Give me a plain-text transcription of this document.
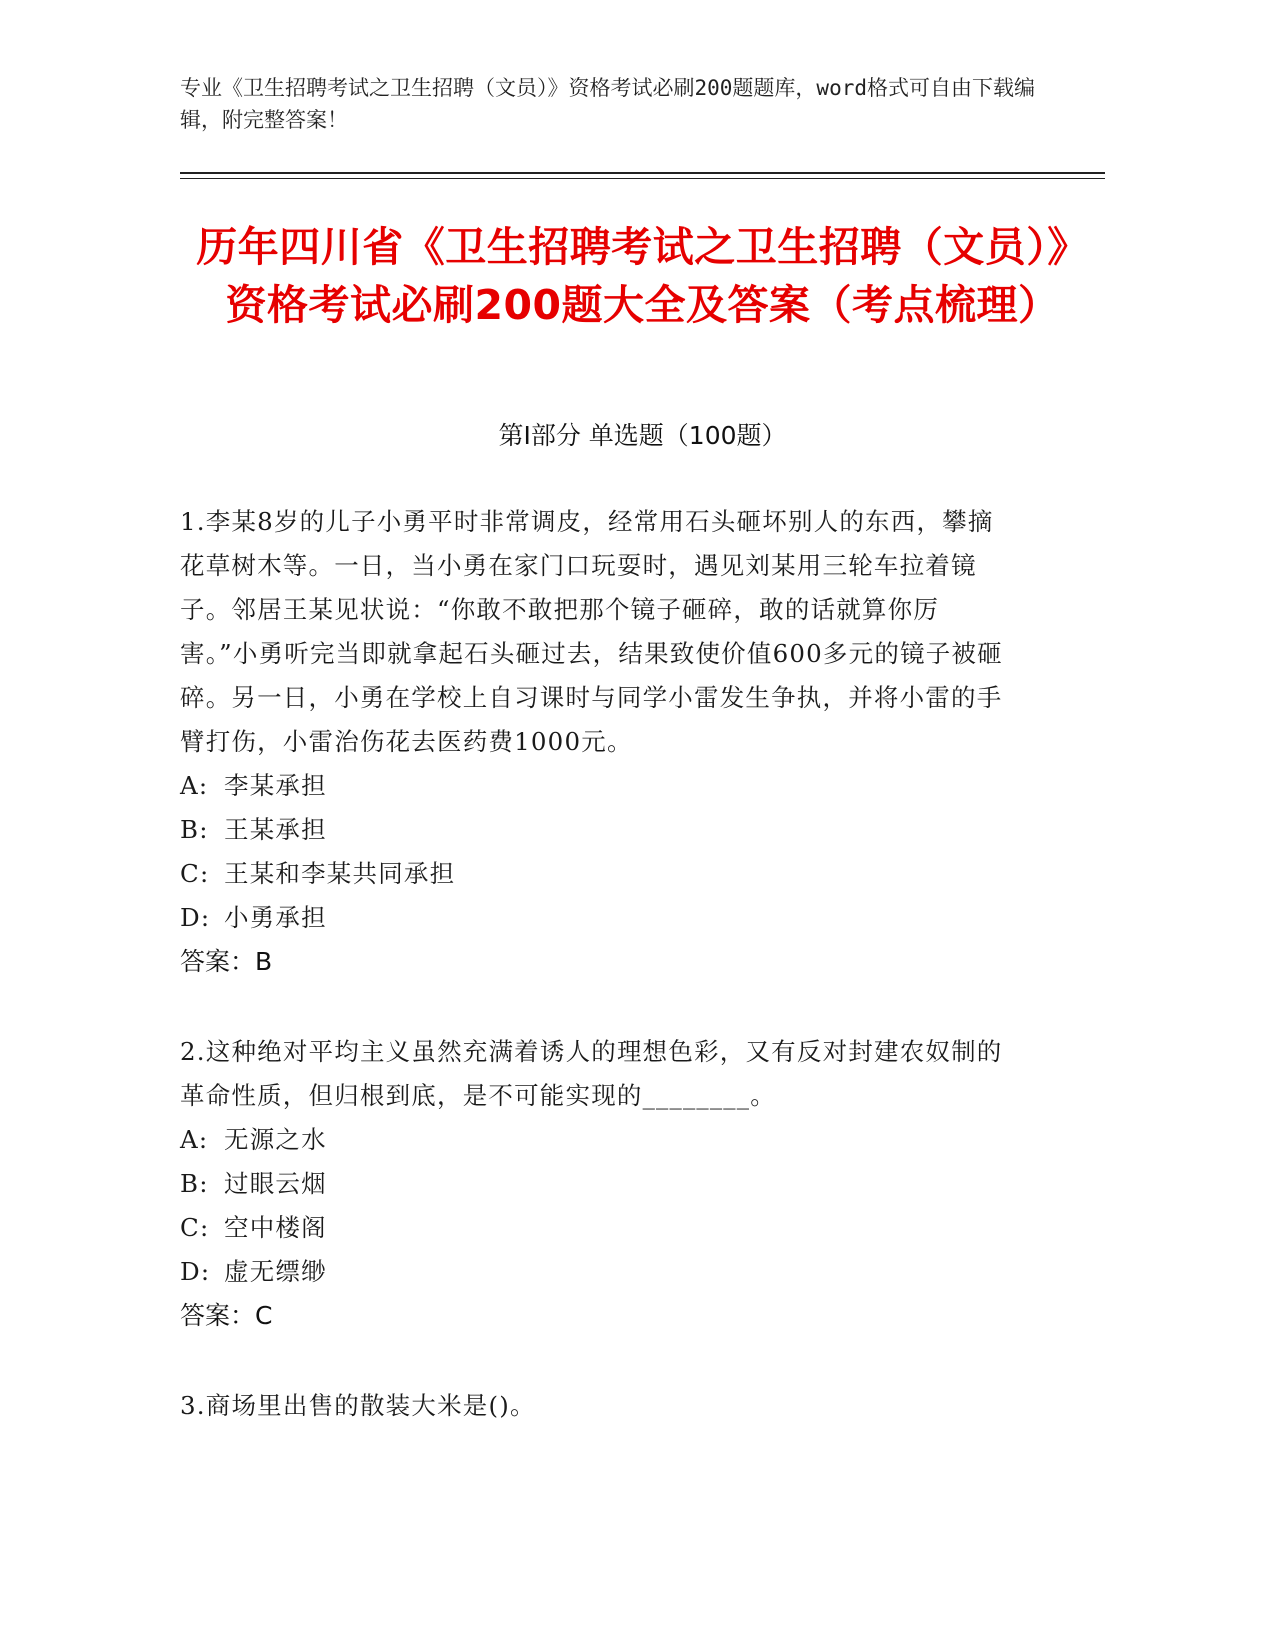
专业《卫生招聘考试之卫生招聘（文员）》资格考试必刷200题题库，word格式可自由下载编辑，附完整答案！
历年四川省《卫生招聘考试之卫生招聘（文员）》资格考试必刷200题大全及答案（考点梳理）
第Ⅰ部分 单选题（100题）
1.李某8岁的儿子小勇平时非常调皮，经常用石头砸坏别人的东西，攀摘花草树木等。一日，当小勇在家门口玩耍时，遇见刘某用三轮车拉着镜子。邻居王某见状说：“你敢不敢把那个镜子砸碎，敢的话就算你厉害。”小勇听完当即就拿起石头砸过去，结果致使价值600多元的镜子被砸碎。另一日，小勇在学校上自习课时与同学小雷发生争执，并将小雷的手臂打伤，小雷治伤花去医药费1000元。
A: 李某承担
B: 王某承担
C: 王某和李某共同承担
D: 小勇承担
答案：B
2.这种绝对平均主义虽然充满着诱人的理想色彩，又有反对封建农奴制的革命性质，但归根到底，是不可能实现的________。
A: 无源之水
B: 过眼云烟
C: 空中楼阁
D: 虚无缥缈
答案：C
3.商场里出售的散装大米是()。
